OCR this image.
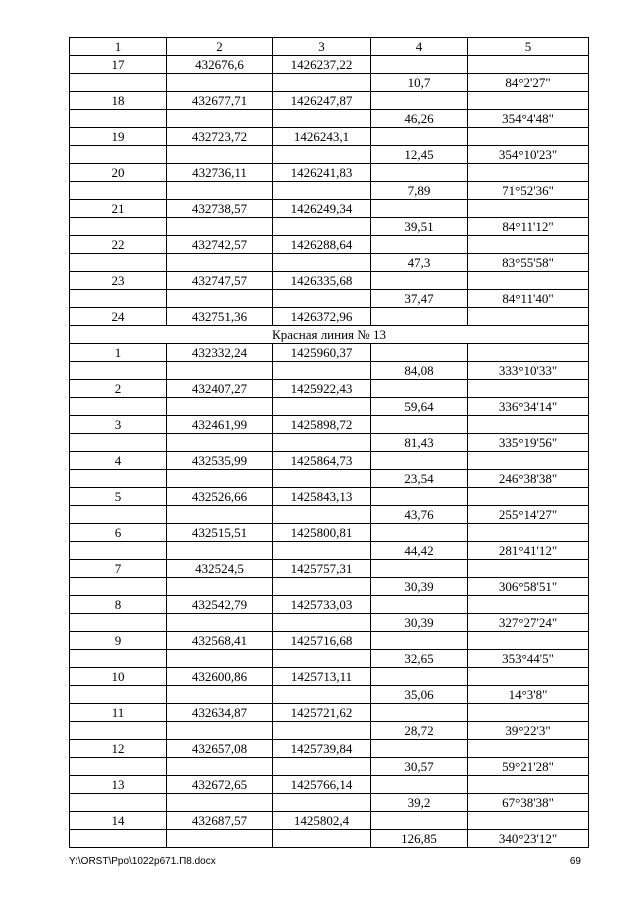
1	2	3	4	5
17	432676,6	1426237,22		
			10,7	84°2'27"
18	432677,71	1426247,87		
			46,26	354°4'48"
19	432723,72	1426243,1		
			12,45	354°10'23"
20	432736,11	1426241,83		
			7,89	71°52'36"
21	432738,57	1426249,34		
			39,51	84°11'12"
22	432742,57	1426288,64		
			47,3	83°55'58"
23	432747,57	1426335,68		
			37,47	84°11'40"
24	432751,36	1426372,96		
Красная линия № 13				
1	432332,24	1425960,37		
			84,08	333°10'33"
2	432407,27	1425922,43		
			59,64	336°34'14"
3	432461,99	1425898,72		
			81,43	335°19'56"
4	432535,99	1425864,73		
			23,54	246°38'38"
5	432526,66	1425843,13		
			43,76	255°14'27"
6	432515,51	1425800,81		
			44,42	281°41'12"
7	432524,5	1425757,31		
			30,39	306°58'51"
8	432542,79	1425733,03		
			30,39	327°27'24"
9	432568,41	1425716,68		
			32,65	353°44'5"
10	432600,86	1425713,11		
			35,06	14°3'8"
11	432634,87	1425721,62		
			28,72	39°22'3"
12	432657,08	1425739,84		
			30,57	59°21'28"
13	432672,65	1425766,14		
			39,2	67°38'38"
14	432687,57	1425802,4		
			126,85	340°23'12"
Y:\ORST\Ppo\1022p671.П8.docx	69
